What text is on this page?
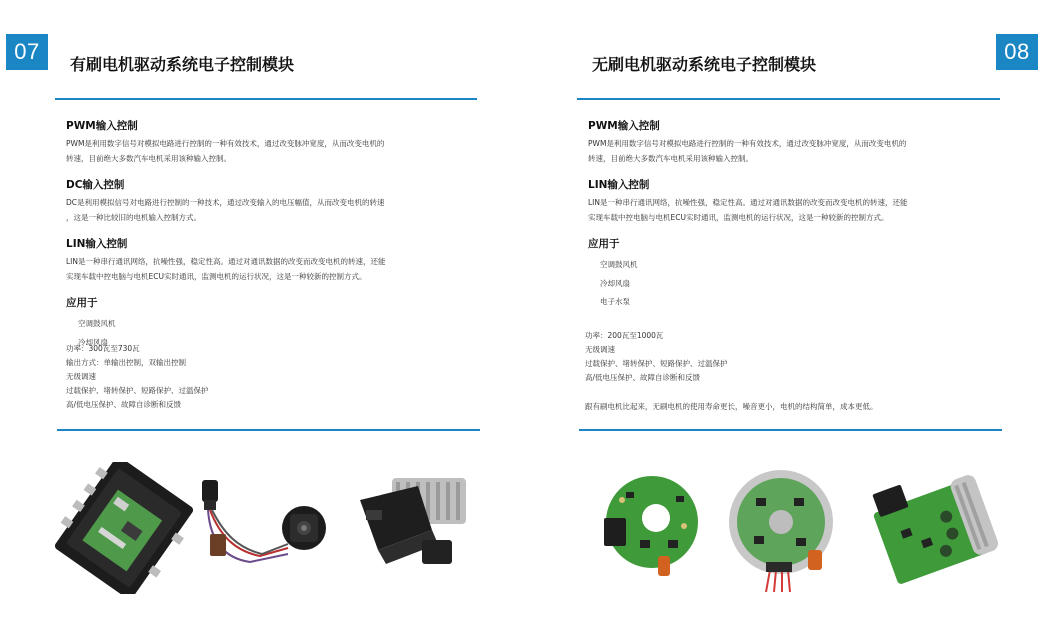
07	08
有刷电机驱动系统电子控制模块	无刷电机驱动系统电子控制模块
PWM输入控制
PWM是利用数字信号对模拟电路进行控制的一种有效技术，通过改变脉冲宽度，从而改变电机的
转速，目前绝大多数汽车电机采用该种输入控制。
DC输入控制
DC是利用模拟信号对电路进行控制的一种技术，通过改变输入的电压幅值，从而改变电机的转速
，这是一种比较旧的电机输入控制方式。
LIN输入控制
LIN是一种串行通讯网络，抗噪性强，稳定性高。通过对通讯数据的改变而改变电机的转速，还能
实现车载中控电脑与电机ECU实时通讯，监测电机的运行状况，这是一种较新的控制方式。
应用于
空调鼓风机
冷却风扇
功率：300瓦至730瓦
输出方式：单输出控制，双输出控制
无级调速
过载保护、堵转保护、短路保护、过温保护
高/低电压保护、故障自诊断和反馈
PWM输入控制
PWM是利用数字信号对模拟电路进行控制的一种有效技术，通过改变脉冲宽度，从而改变电机的
转速，目前绝大多数汽车电机采用该种输入控制。
LIN输入控制
LIN是一种串行通讯网络，抗噪性强，稳定性高。通过对通讯数据的改变而改变电机的转速，还能
实现车载中控电脑与电机ECU实时通讯，监测电机的运行状况，这是一种较新的控制方式。
应用于
空调鼓风机
冷却风扇
电子水泵
功率：200瓦至1000瓦
无级调速
过载保护、堵转保护、短路保护、过温保护
高/低电压保护、故障自诊断和反馈
跟有刷电机比起来，无刷电机的使用寿命更长，噪音更小，电机的结构简单，成本更低。
